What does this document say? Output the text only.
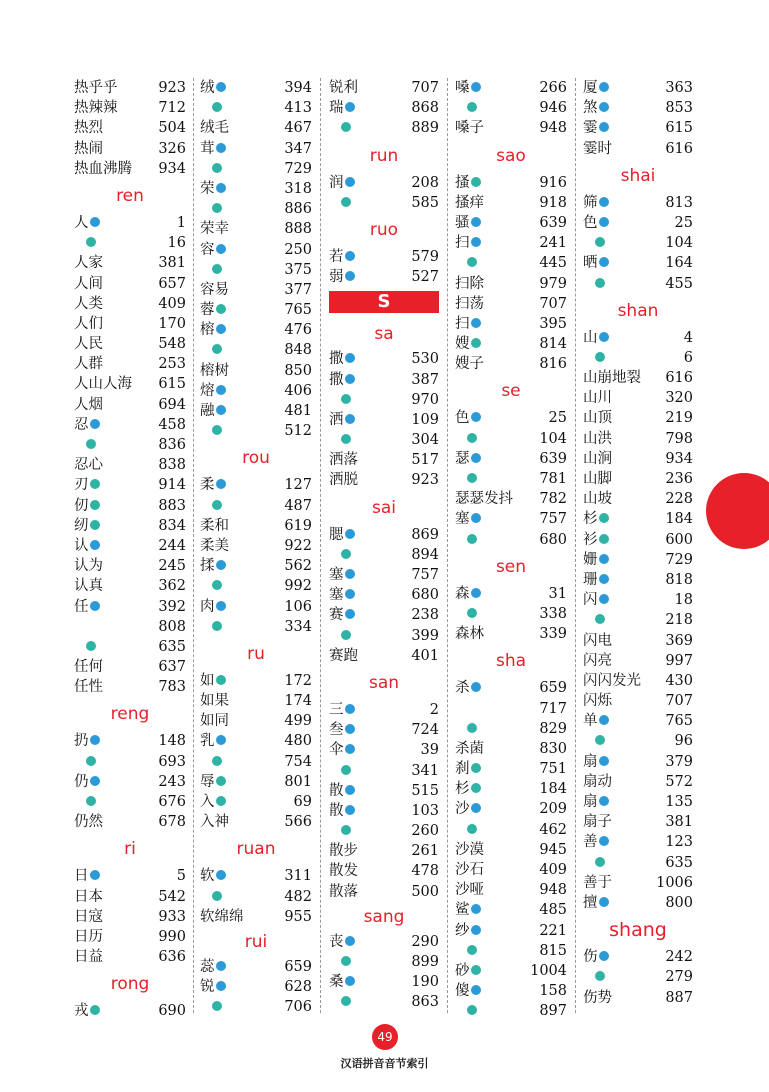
热乎乎	923
热辣辣	712
热烈	504
热闹	326
热血沸腾 934
ren
人	1
16
人家	381
人间	657
人类	409
人们	170
人民	548
人群	253
人山人海 615
人烟	694
忍	458
836
忍心	838
刃	914
仞	883
纫	834
认	244
认为	245
认真	362
任	392
808
635
任何	637
任性	783
reng
扔	148
693
仍	243
676
仍然	678
ri
日	5
日本	542
日寇	933
日历	990
日益	636
rong
戎	690
绒	394
413
绒毛	467
茸	347
729
荣	318
886
荣幸	888
容	250
375
容易	377
蓉	765
榕	476
848
榕树	850
熔	406
融	481
512
rou
柔	127
487
柔和	619
柔美	922
揉	562
992
肉	106
334
ru
如	172
如果	174
如同	499
乳	480
754
辱	801
入	69
入神	566
ruan
软	311
482
软绵绵	955
rui
蕊	659
锐	628
706
锐利	707
瑞	868
889
run
润	208
585
ruo
若	579
弱	527
S
sa
撒	530
撒	387
970
洒	109
304
洒落	517
洒脱	923
sai
腮	869
894
塞	757
塞	680
赛	238
399
赛跑	401
san
三	2
叁	724
伞	39
341
散	515
散	103
260
散步	261
散发	478
散落	500
sang
丧	290
899
桑	190
863
嗓	266
946
嗓子	948
sao
搔	916
搔痒	918
骚	639
扫	241
445
扫除	979
扫荡	707
扫	395
嫂	814
嫂子	816
se
色	25
104
瑟	639
781
瑟瑟发抖 782
塞	757
680
sen
森	31
338
森林	339
sha
杀	659
717
829
杀菌	830
刹	751
杉	184
沙	209
462
沙漠	945
沙石	409
沙哑	948
鲨	485
纱	221
815
砂	1004
傻	158
897
厦	363
煞	853
霎	615
霎时	616
shai
筛	813
色	25
104
晒	164
455
shan
山	4
6
山崩地裂 616
山川	320
山顶	219
山洪	798
山涧	934
山脚	236
山坡	228
杉	184
衫	600
姗	729
珊	818
闪	18
218
闪电	369
闪亮	997
闪闪发光 430
闪烁	707
单	765
96
扇	379
扇动	572
扇	135
扇子	381
善	123
635
善于	1006
擅	800
shang
伤	242
279
伤势	887
49
汉语拼音音节索引
